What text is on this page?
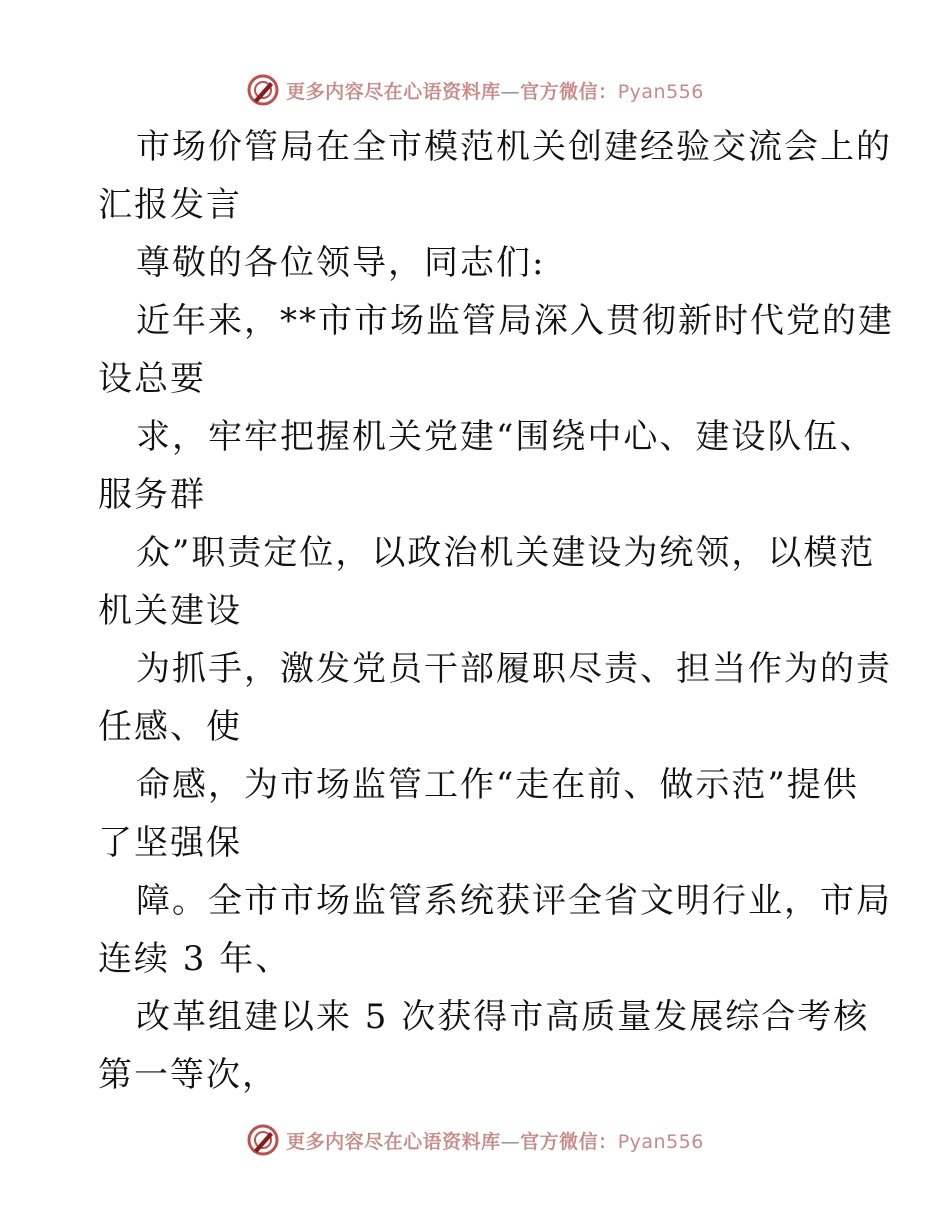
更多内容尽在心语资料库—官方微信：Pyan556

市场价管局在全市模范机关创建经验交流会上的
汇报发言

尊敬的各位领导，同志们:

近年来，**市市场监管局深入贯彻新时代党的建
设总要

求，牢牢把握机关党建“围绕中心、建设队伍、
服务群

众”职责定位，以政治机关建设为统领，以模范
机关建设

为抓手，激发党员干部履职尽责、担当作为的责
任感、使

命感，为市场监管工作“走在前、做示范”提供
了坚强保

障。全市市场监管系统获评全省文明行业，市局
连续 3 年、

改革组建以来 5 次获得市高质量发展综合考核
第一等次，

更多内容尽在心语资料库—官方微信：Pyan556
